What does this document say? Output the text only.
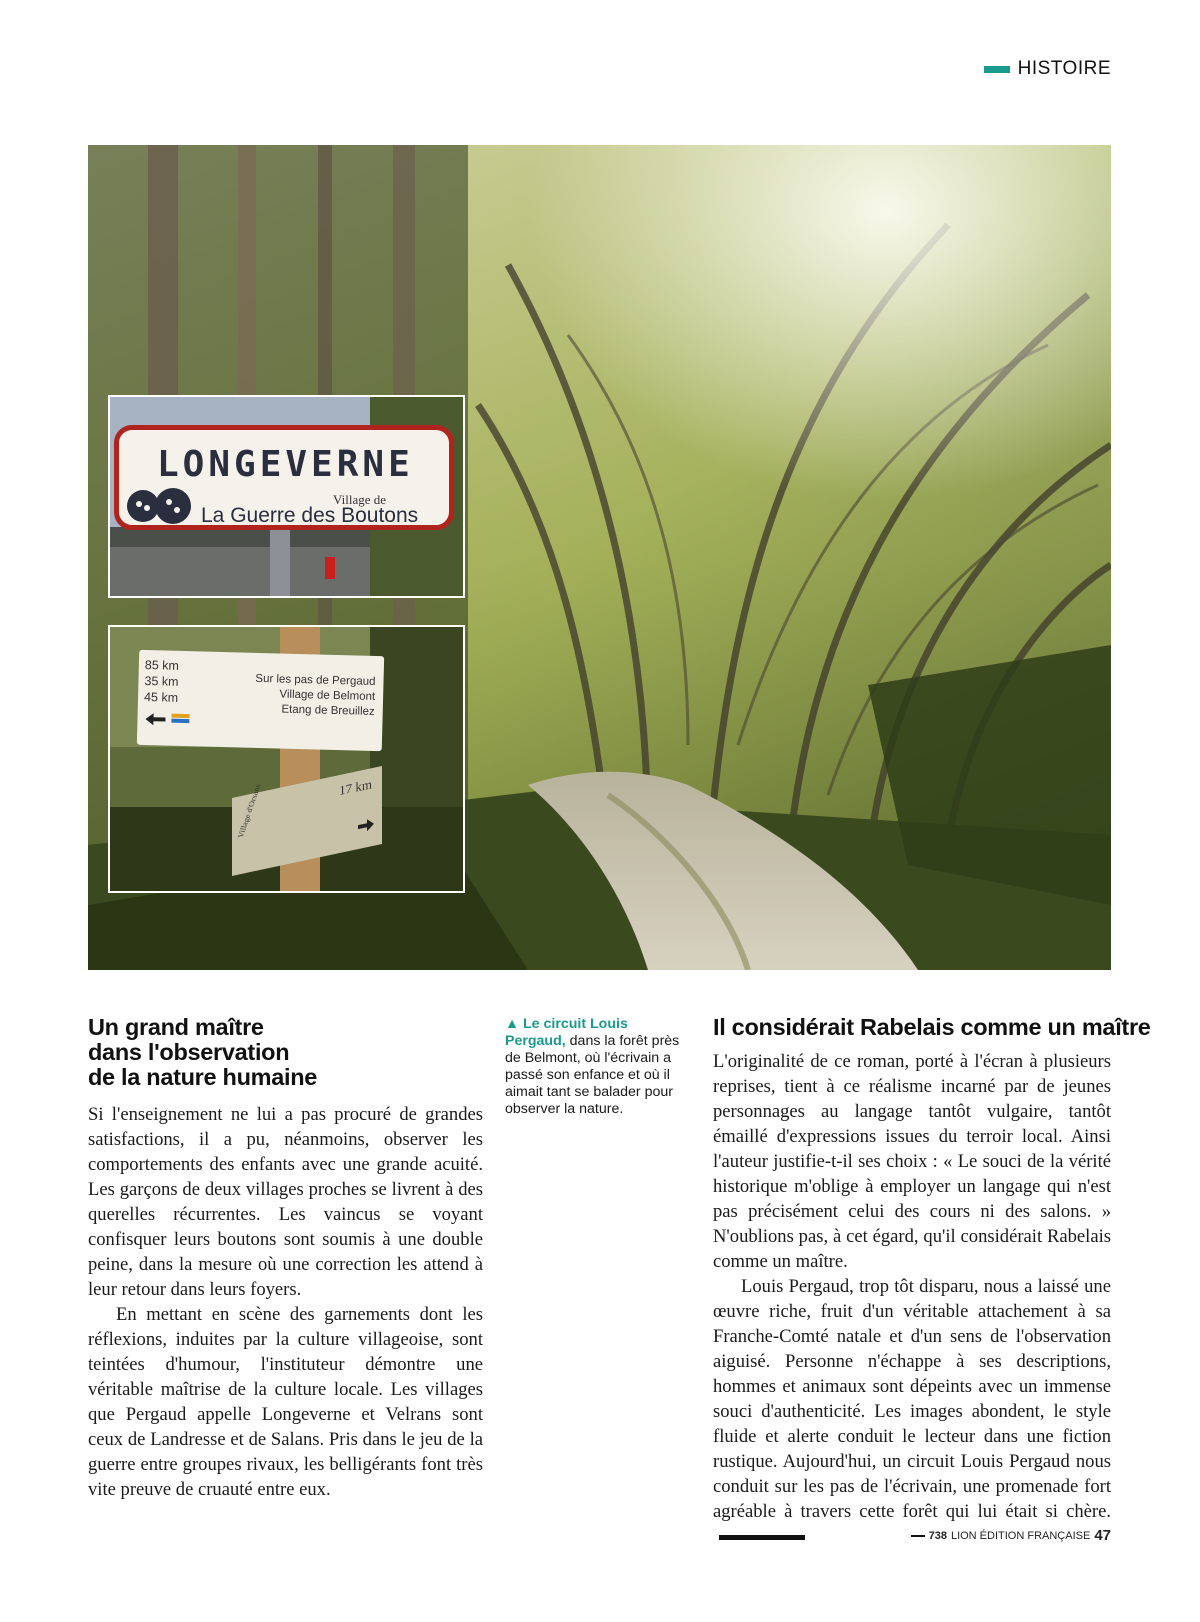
HISTOIRE
LONGEVERNE
Village de
La Guerre des Boutons
85 km
35 km
45 km
Sur les pas de Pergaud
Village de Belmont
Etang de Breuillez
17 km
Village d'Orsans
Un grand maître
dans l'observation
de la nature humaine

Si l'enseignement ne lui a pas procuré de grandes satisfactions, il a pu, néanmoins, observer les comportements des enfants avec une grande acuité. Les garçons de deux villages proches se livrent à des querelles récurrentes. Les vaincus se voyant confisquer leurs boutons sont soumis à une double peine, dans la mesure où une correction les attend à leur retour dans leurs foyers.

En mettant en scène des garnements dont les réflexions, induites par la culture villageoise, sont teintées d'humour, l'instituteur démontre une véritable maîtrise de la culture locale. Les villages que Pergaud appelle Longeverne et Velrans sont ceux de Landresse et de Salans. Pris dans le jeu de la guerre entre groupes rivaux, les belligérants font très vite preuve de cruauté entre eux.

▲ Le circuit Louis Pergaud, dans la forêt près de Belmont, où l'écrivain a passé son enfance et où il aimait tant se balader pour observer la nature.
Il considérait Rabelais comme un maître

L'originalité de ce roman, porté à l'écran à plusieurs reprises, tient à ce réalisme incarné par de jeunes personnages au langage tantôt vulgaire, tantôt émaillé d'expressions issues du terroir local. Ainsi l'auteur justifie-t-il ses choix : « Le souci de la vérité historique m'oblige à employer un langage qui n'est pas précisément celui des cours ni des salons. » N'oublions pas, à cet égard, qu'il considérait Rabelais comme un maître.

Louis Pergaud, trop tôt disparu, nous a laissé une œuvre riche, fruit d'un véritable attachement à sa Franche-Comté natale et d'un sens de l'observation aiguisé. Personne n'échappe à ses descriptions, hommes et animaux sont dépeints avec un immense souci d'authenticité. Les images abondent, le style fluide et alerte conduit le lecteur dans une fiction rustique. Aujourd'hui, un circuit Louis Pergaud nous conduit sur les pas de l'écrivain, une promenade fort agréable à travers cette forêt qui lui était si chère.

738 LION ÉDITION FRANÇAISE 47
